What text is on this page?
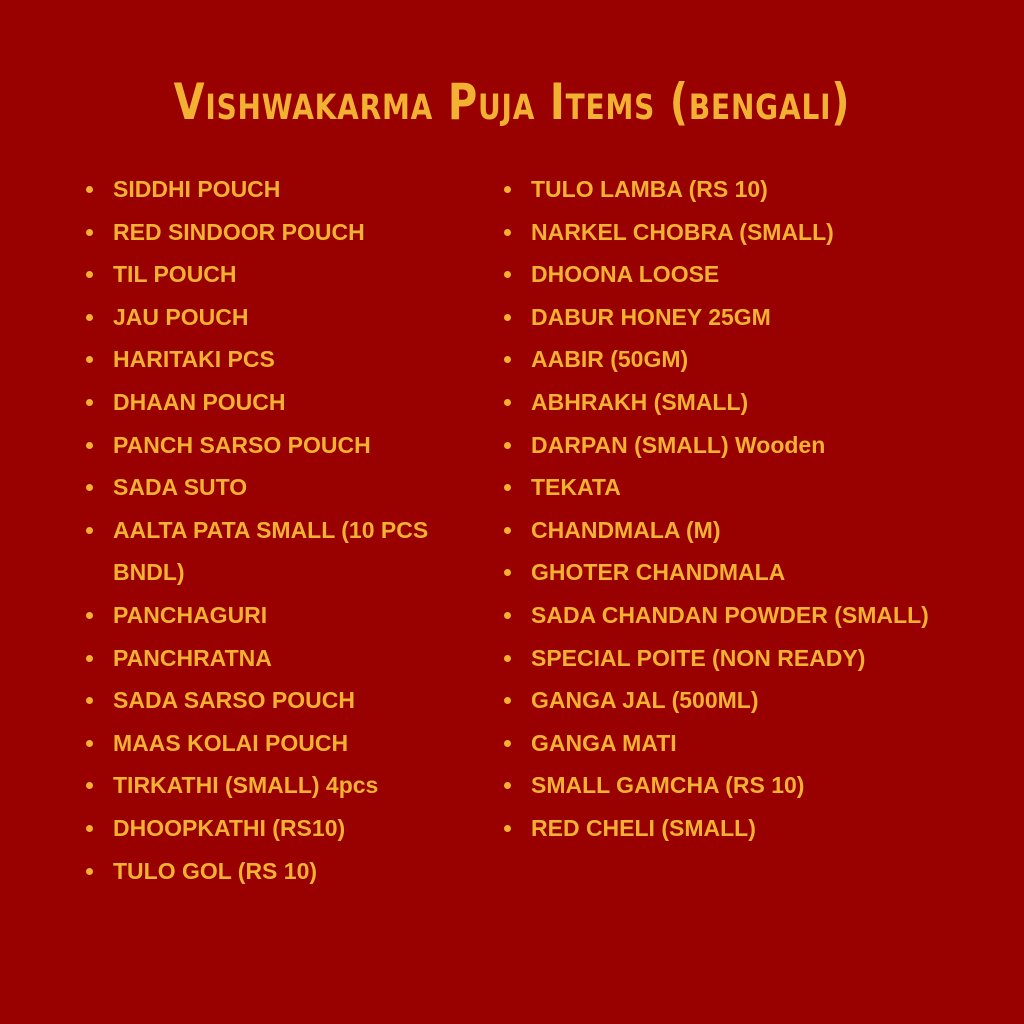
Vishwakarma Puja Items (bengali)
SIDDHI POUCH
RED SINDOOR POUCH
TIL POUCH
JAU POUCH
HARITAKI PCS
DHAAN POUCH
PANCH SARSO POUCH
SADA SUTO
AALTA PATA SMALL (10 PCS BNDL)
PANCHAGURI
PANCHRATNA
SADA SARSO POUCH
MAAS KOLAI POUCH
TIRKATHI (SMALL) 4pcs
DHOOPKATHI (RS10)
TULO GOL (RS 10)
TULO LAMBA (RS 10)
NARKEL CHOBRA (SMALL)
DHOONA LOOSE
DABUR HONEY 25GM
AABIR (50GM)
ABHRAKH (SMALL)
DARPAN (SMALL) Wooden
TEKATA
CHANDMALA (M)
GHOTER CHANDMALA
SADA CHANDAN POWDER (SMALL)
SPECIAL POITE (NON READY)
GANGA JAL (500ML)
GANGA MATI
SMALL GAMCHA (RS 10)
RED CHELI (SMALL)
